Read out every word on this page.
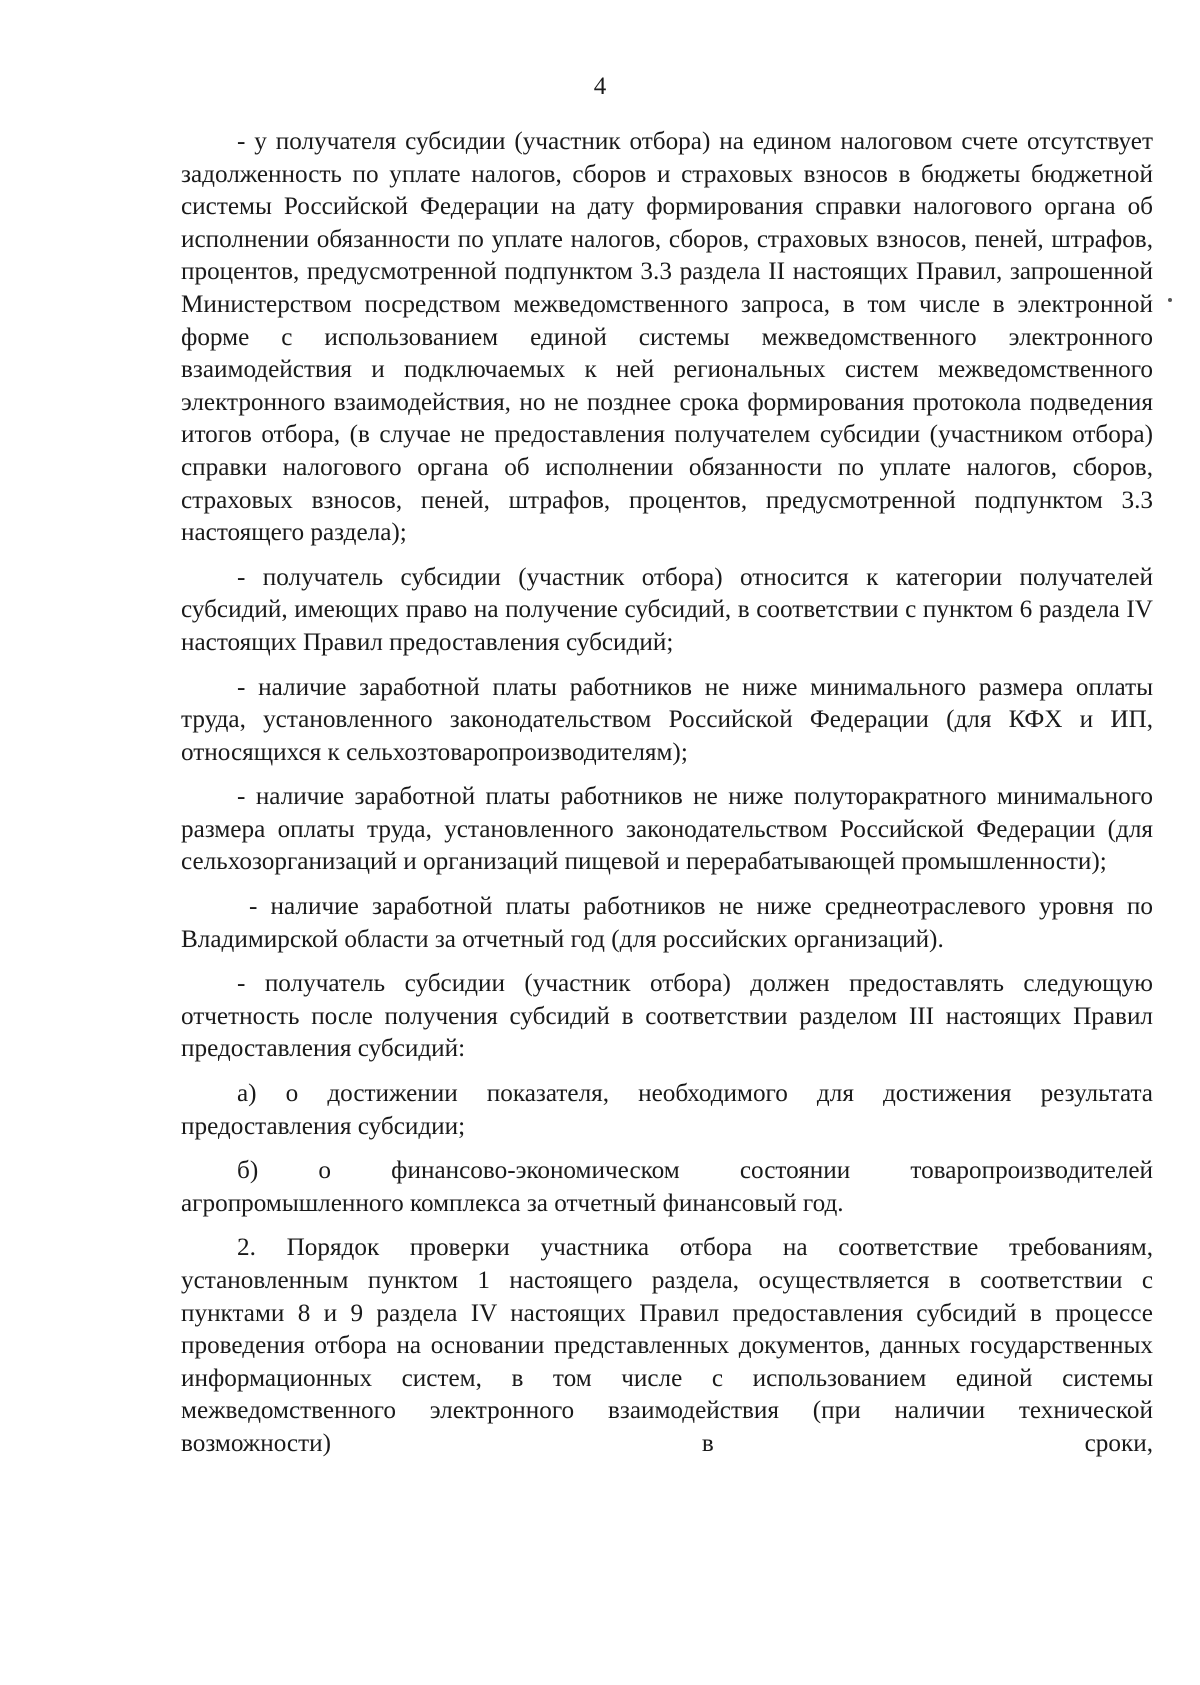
4

- у получателя субсидии (участник отбора) на едином налоговом счете отсутствует задолженность по уплате налогов, сборов и страховых взносов в бюджеты бюджетной системы Российской Федерации на дату формирования справки налогового органа об исполнении обязанности по уплате налогов, сборов, страховых взносов, пеней, штрафов, процентов, предусмотренной подпунктом 3.3 раздела II настоящих Правил, запрошенной Министерством посредством межведомственного запроса, в том числе в электронной форме с использованием единой системы межведомственного электронного взаимодействия и подключаемых к ней региональных систем межведомственного электронного взаимодействия, но не позднее срока формирования протокола подведения итогов отбора, (в случае не предоставления получателем субсидии (участником отбора) справки налогового органа об исполнении обязанности по уплате налогов, сборов, страховых взносов, пеней, штрафов, процентов, предусмотренной подпунктом 3.3 настоящего раздела);

- получатель субсидии (участник отбора) относится к категории получателей субсидий, имеющих право на получение субсидий, в соответствии с пунктом 6 раздела IV настоящих Правил предоставления субсидий;

- наличие заработной платы работников не ниже минимального размера оплаты труда, установленного законодательством Российской Федерации (для КФХ и ИП, относящихся к сельхозтоваропроизводителям);

- наличие заработной платы работников не ниже полуторакратного минимального размера оплаты труда, установленного законодательством Российской Федерации (для сельхозорганизаций и организаций пищевой и перерабатывающей промышленности);

- наличие заработной платы работников не ниже среднеотраслевого уровня по Владимирской области за отчетный год (для российских организаций).

- получатель субсидии (участник отбора) должен предоставлять следующую отчетность после получения субсидий в соответствии разделом III настоящих Правил предоставления субсидий:

а) о достижении показателя, необходимого для достижения результата предоставления субсидии;

б) о финансово-экономическом состоянии товаропроизводителей агропромышленного комплекса за отчетный финансовый год.

2. Порядок проверки участника отбора на соответствие требованиям, установленным пунктом 1 настоящего раздела, осуществляется в соответствии с пунктами 8 и 9 раздела IV настоящих Правил предоставления субсидий в процессе проведения отбора на основании представленных документов, данных государственных информационных систем, в том числе с использованием единой системы межведомственного электронного взаимодействия (при наличии технической возможности) в сроки,
